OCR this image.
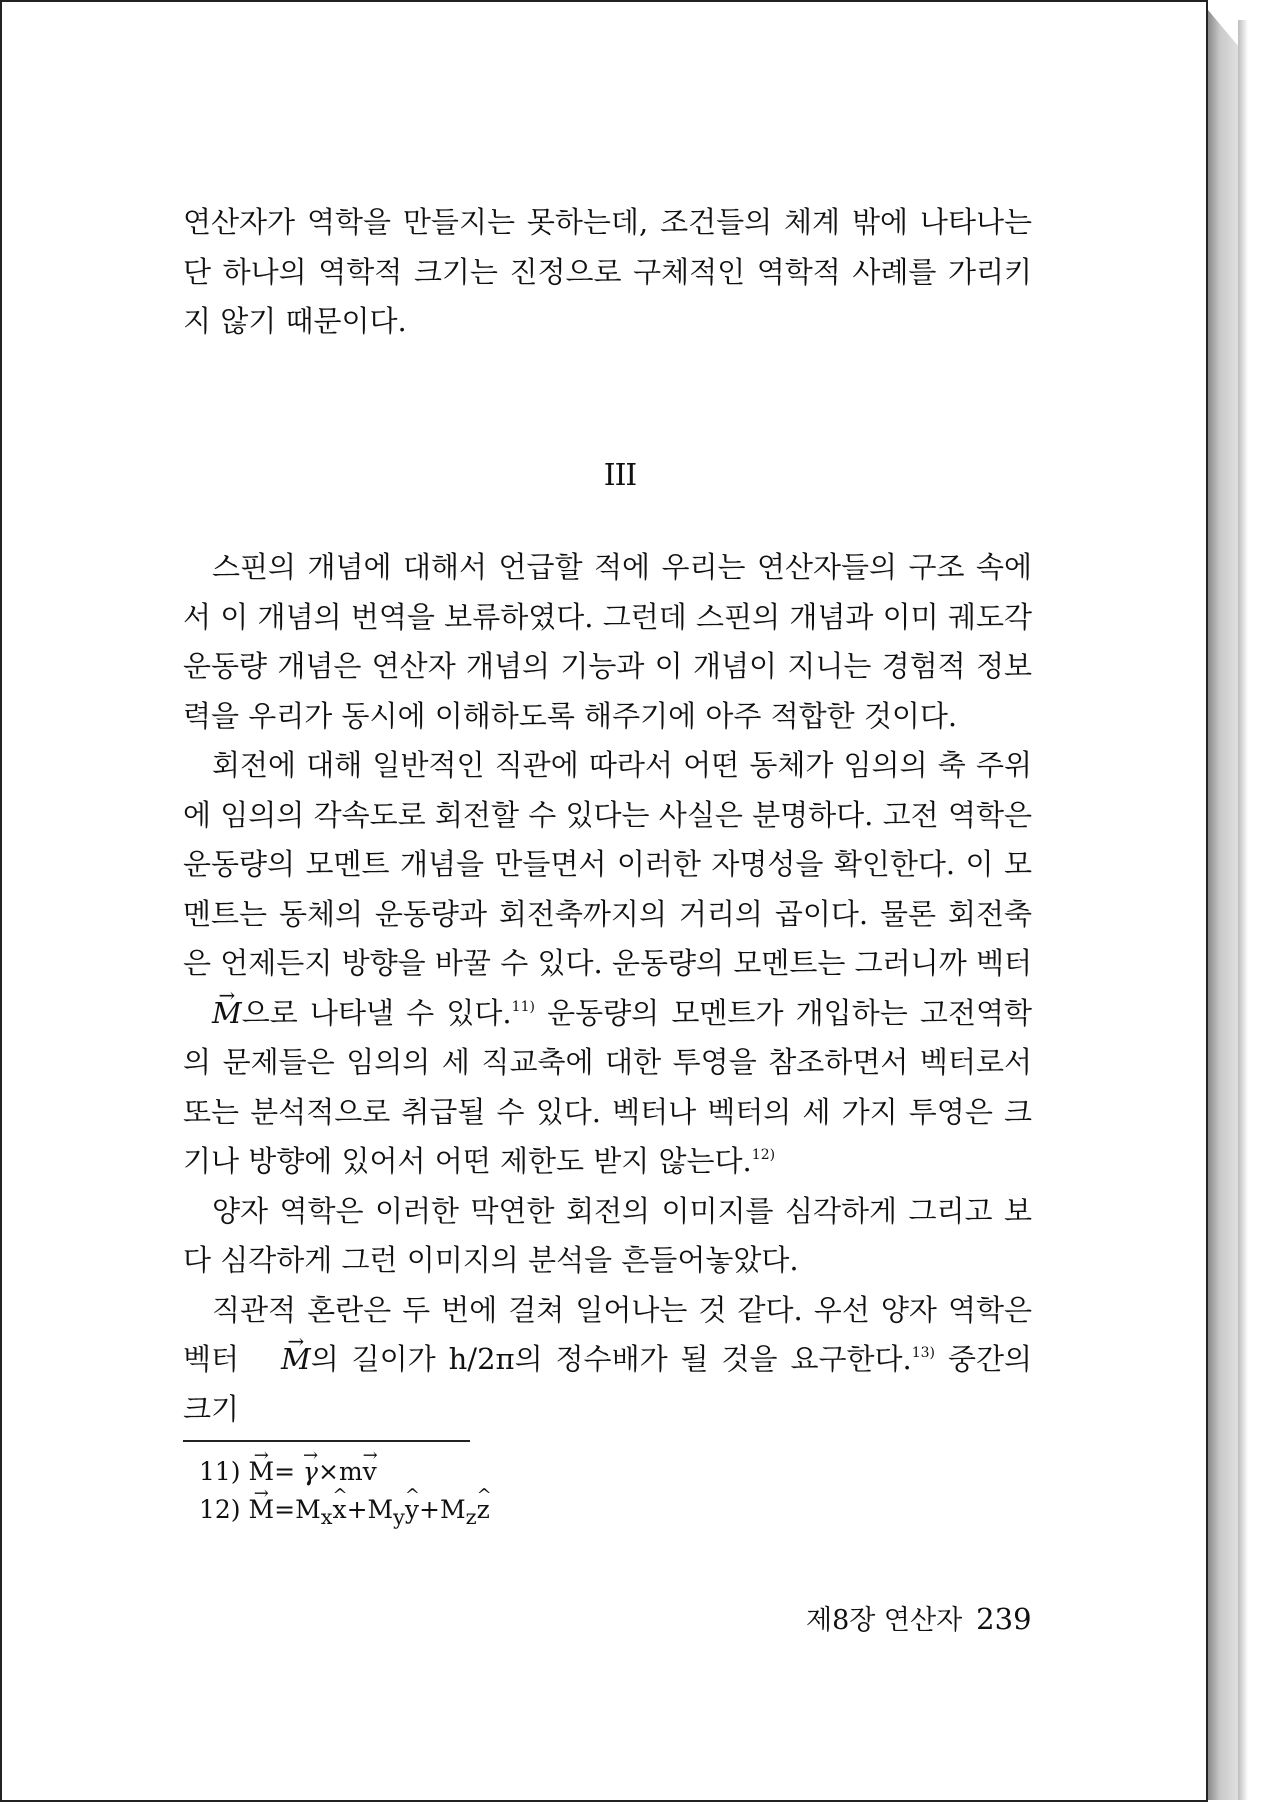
연산자가 역학을 만들지는 못하는데, 조건들의 체계 밖에 나타나는 단 하나의 역학적 크기는 진정으로 구체적인 역학적 사례를 가리키지 않기 때문이다.

III

스핀의 개념에 대해서 언급할 적에 우리는 연산자들의 구조 속에서 이 개념의 번역을 보류하였다. 그런데 스핀의 개념과 이미 궤도각운동량 개념은 연산자 개념의 기능과 이 개념이 지니는 경험적 정보력을 우리가 동시에 이해하도록 해주기에 아주 적합한 것이다.

회전에 대해 일반적인 직관에 따라서 어떤 동체가 임의의 축 주위에 임의의 각속도로 회전할 수 있다는 사실은 분명하다. 고전 역학은 운동량의 모멘트 개념을 만들면서 이러한 자명성을 확인한다. 이 모멘트는 동체의 운동량과 회전축까지의 거리의 곱이다. 물론 회전축은 언제든지 방향을 바꿀 수 있다. 운동량의 모멘트는 그러니까 벡터 M →으로 나타낼 수 있다.$^{11)}$ 운동량의 모멘트가 개입하는 고전역학의 문제들은 임의의 세 직교축에 대한 투영을 참조하면서 벡터로서 또는 분석적으로 취급될 수 있다. 벡터나 벡터의 세 가지 투영은 크기나 방향에 있어서 어떤 제한도 받지 않는다.$^{12)}$

양자 역학은 이러한 막연한 회전의 이미지를 심각하게 그리고 보다 심각하게 그런 이미지의 분석을 흔들어놓았다.

직관적 혼란은 두 번에 걸쳐 일어나는 것 같다. 우선 양자 역학은 벡터 M →의 길이가 h/2π의 정수배가 될 것을 요구한다.$^{13)}$ 중간의 크기

11) M →= γ →×mv →
12) $M \to=M_xx$ $\^{}+M_yy$ $\^{}+M_zz$ ^
제8장 연산자 239
